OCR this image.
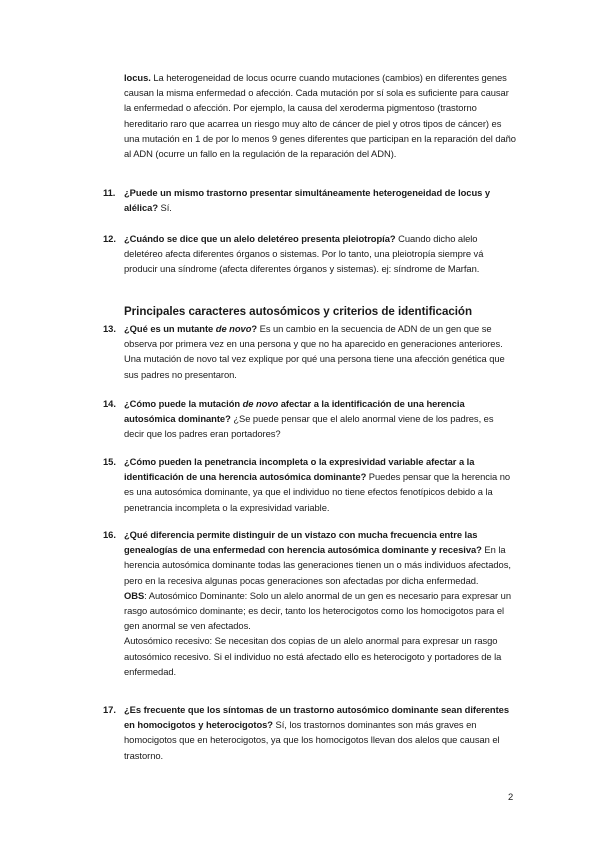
locus. La heterogeneidad de locus ocurre cuando mutaciones (cambios) en diferentes genes causan la misma enfermedad o afección. Cada mutación por sí sola es suficiente para causar la enfermedad o afección. Por ejemplo, la causa del xeroderma pigmentoso (trastorno hereditario raro que acarrea un riesgo muy alto de cáncer de piel y otros tipos de cáncer) es una mutación en 1 de por lo menos 9 genes diferentes que participan en la reparación del daño al ADN (ocurre un fallo en la regulación de la reparación del ADN).
11. ¿Puede un mismo trastorno presentar simultáneamente heterogeneidad de locus y alélica? Sí.
12. ¿Cuándo se dice que un alelo deletéreo presenta pleiotropía? Cuando dicho alelo deletéreo afecta diferentes órganos o sistemas. Por lo tanto, una pleiotropía siempre vá producir una síndrome (afecta diferentes órganos y sistemas). ej: síndrome de Marfan.
Principales caracteres autosómicos y criterios de identificación
13. ¿Qué es un mutante de novo? Es un cambio en la secuencia de ADN de un gen que se observa por primera vez en una persona y que no ha aparecido en generaciones anteriores. Una mutación de novo tal vez explique por qué una persona tiene una afección genética que sus padres no presentaron.
14. ¿Cómo puede la mutación de novo afectar a la identificación de una herencia autosómica dominante? ¿Se puede pensar que el alelo anormal viene de los padres, es decir que los padres eran portadores?
15. ¿Cómo pueden la penetrancia incompleta o la expresividad variable afectar a la identificación de una herencia autosómica dominante? Puedes pensar que la herencia no es una autosómica dominante, ya que el individuo no tiene efectos fenotípicos debido a la penetrancia incompleta o la expresividad variable.
16. ¿Qué diferencia permite distinguir de un vistazo con mucha frecuencia entre las genealogías de una enfermedad con herencia autosómica dominante y recesiva? En la herencia autosómica dominante todas las generaciones tienen un o más individuos afectados, pero en la recesiva algunas pocas generaciones son afectadas por dicha enfermedad.
OBS: Autosómico Dominante: Solo un alelo anormal de un gen es necesario para expresar un rasgo autosómico dominante; es decir, tanto los heterocigotos como los homocigotos para el gen anormal se ven afectados.
Autosómico recesivo: Se necesitan dos copias de un alelo anormal para expresar un rasgo autosómico recesivo. Si el individuo no está afectado ello es heterocigoto y portadores de la enfermedad.
17. ¿Es frecuente que los síntomas de un trastorno autosómico dominante sean diferentes en homocigotos y heterocigotos? Sí, los trastornos dominantes son más graves en homocigotos que en heterocigotos, ya que los homocigotos llevan dos alelos que causan el trastorno.
2
